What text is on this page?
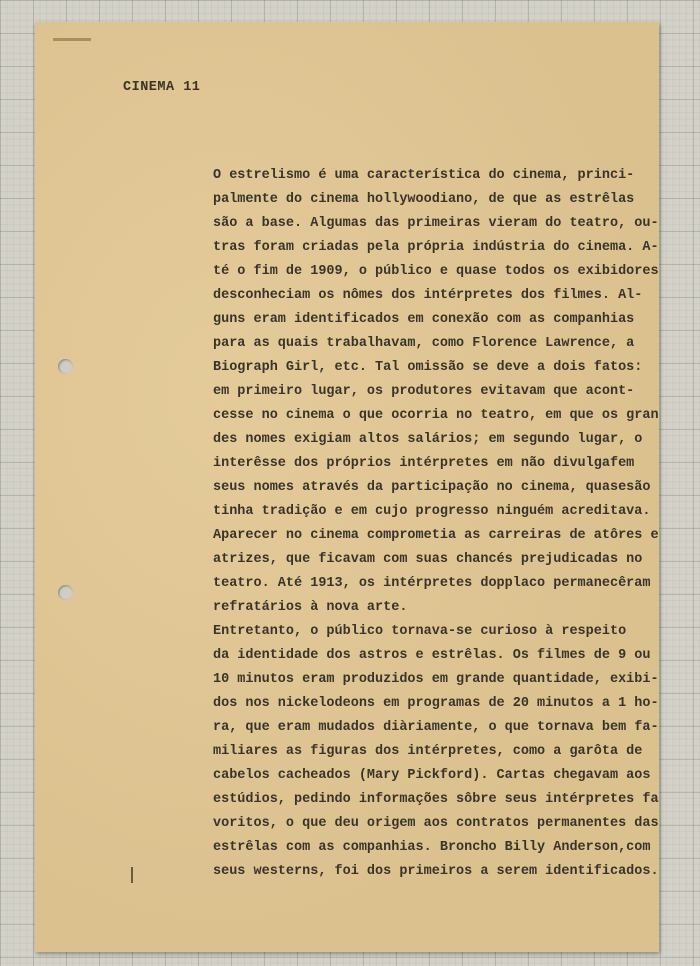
CINEMA 11

O estrelismo é uma característica do cinema, princi-
palmente do cinema hollywoodiano, de que as estrêlas
são a base. Algumas das primeiras vieram do teatro, ou-
tras foram criadas pela própria indústria do cinema. A-
té o fim de 1909, o público e quase todos os exibidores
desconheciam os nômes dos intérpretes dos filmes. Al-
guns eram identificados em conexão com as companhias
para as quais trabalhavam, como Florence Lawrence, a
Biograph Girl, etc. Tal omissão se deve a dois fatos:
em primeiro lugar, os produtores evitavam que acont-
cesse no cinema o que ocorria no teatro, em que os gran
des nomes exigiam altos salários; em segundo lugar, o
interêsse dos próprios intérpretes em não divulgafem
seus nomes através da participação no cinema, quasesão
tinha tradição e em cujo progresso ninguém acreditava.
Aparecer no cinema comprometia as carreiras de atôres e
atrizes, que ficavam com suas chancés prejudicadas no
teatro. Até 1913, os intérpretes dopplaco permanecêram
refratários à nova arte.
Entretanto, o público tornava-se curioso à respeito
da identidade dos astros e estrêlas. Os filmes de 9 ou
10 minutos eram produzidos em grande quantidade, exibi-
dos nos nickelodeons em programas de 20 minutos a 1 ho-
ra, que eram mudados diàriamente, o que tornava bem fa-
miliares as figuras dos intérpretes, como a garôta de
cabelos cacheados (Mary Pickford). Cartas chegavam aos
estúdios, pedindo informações sôbre seus intérpretes fa
voritos, o que deu origem aos contratos permanentes das
estrêlas com as companhias. Broncho Billy Anderson,com
seus westerns, foi dos primeiros a serem identificados.
